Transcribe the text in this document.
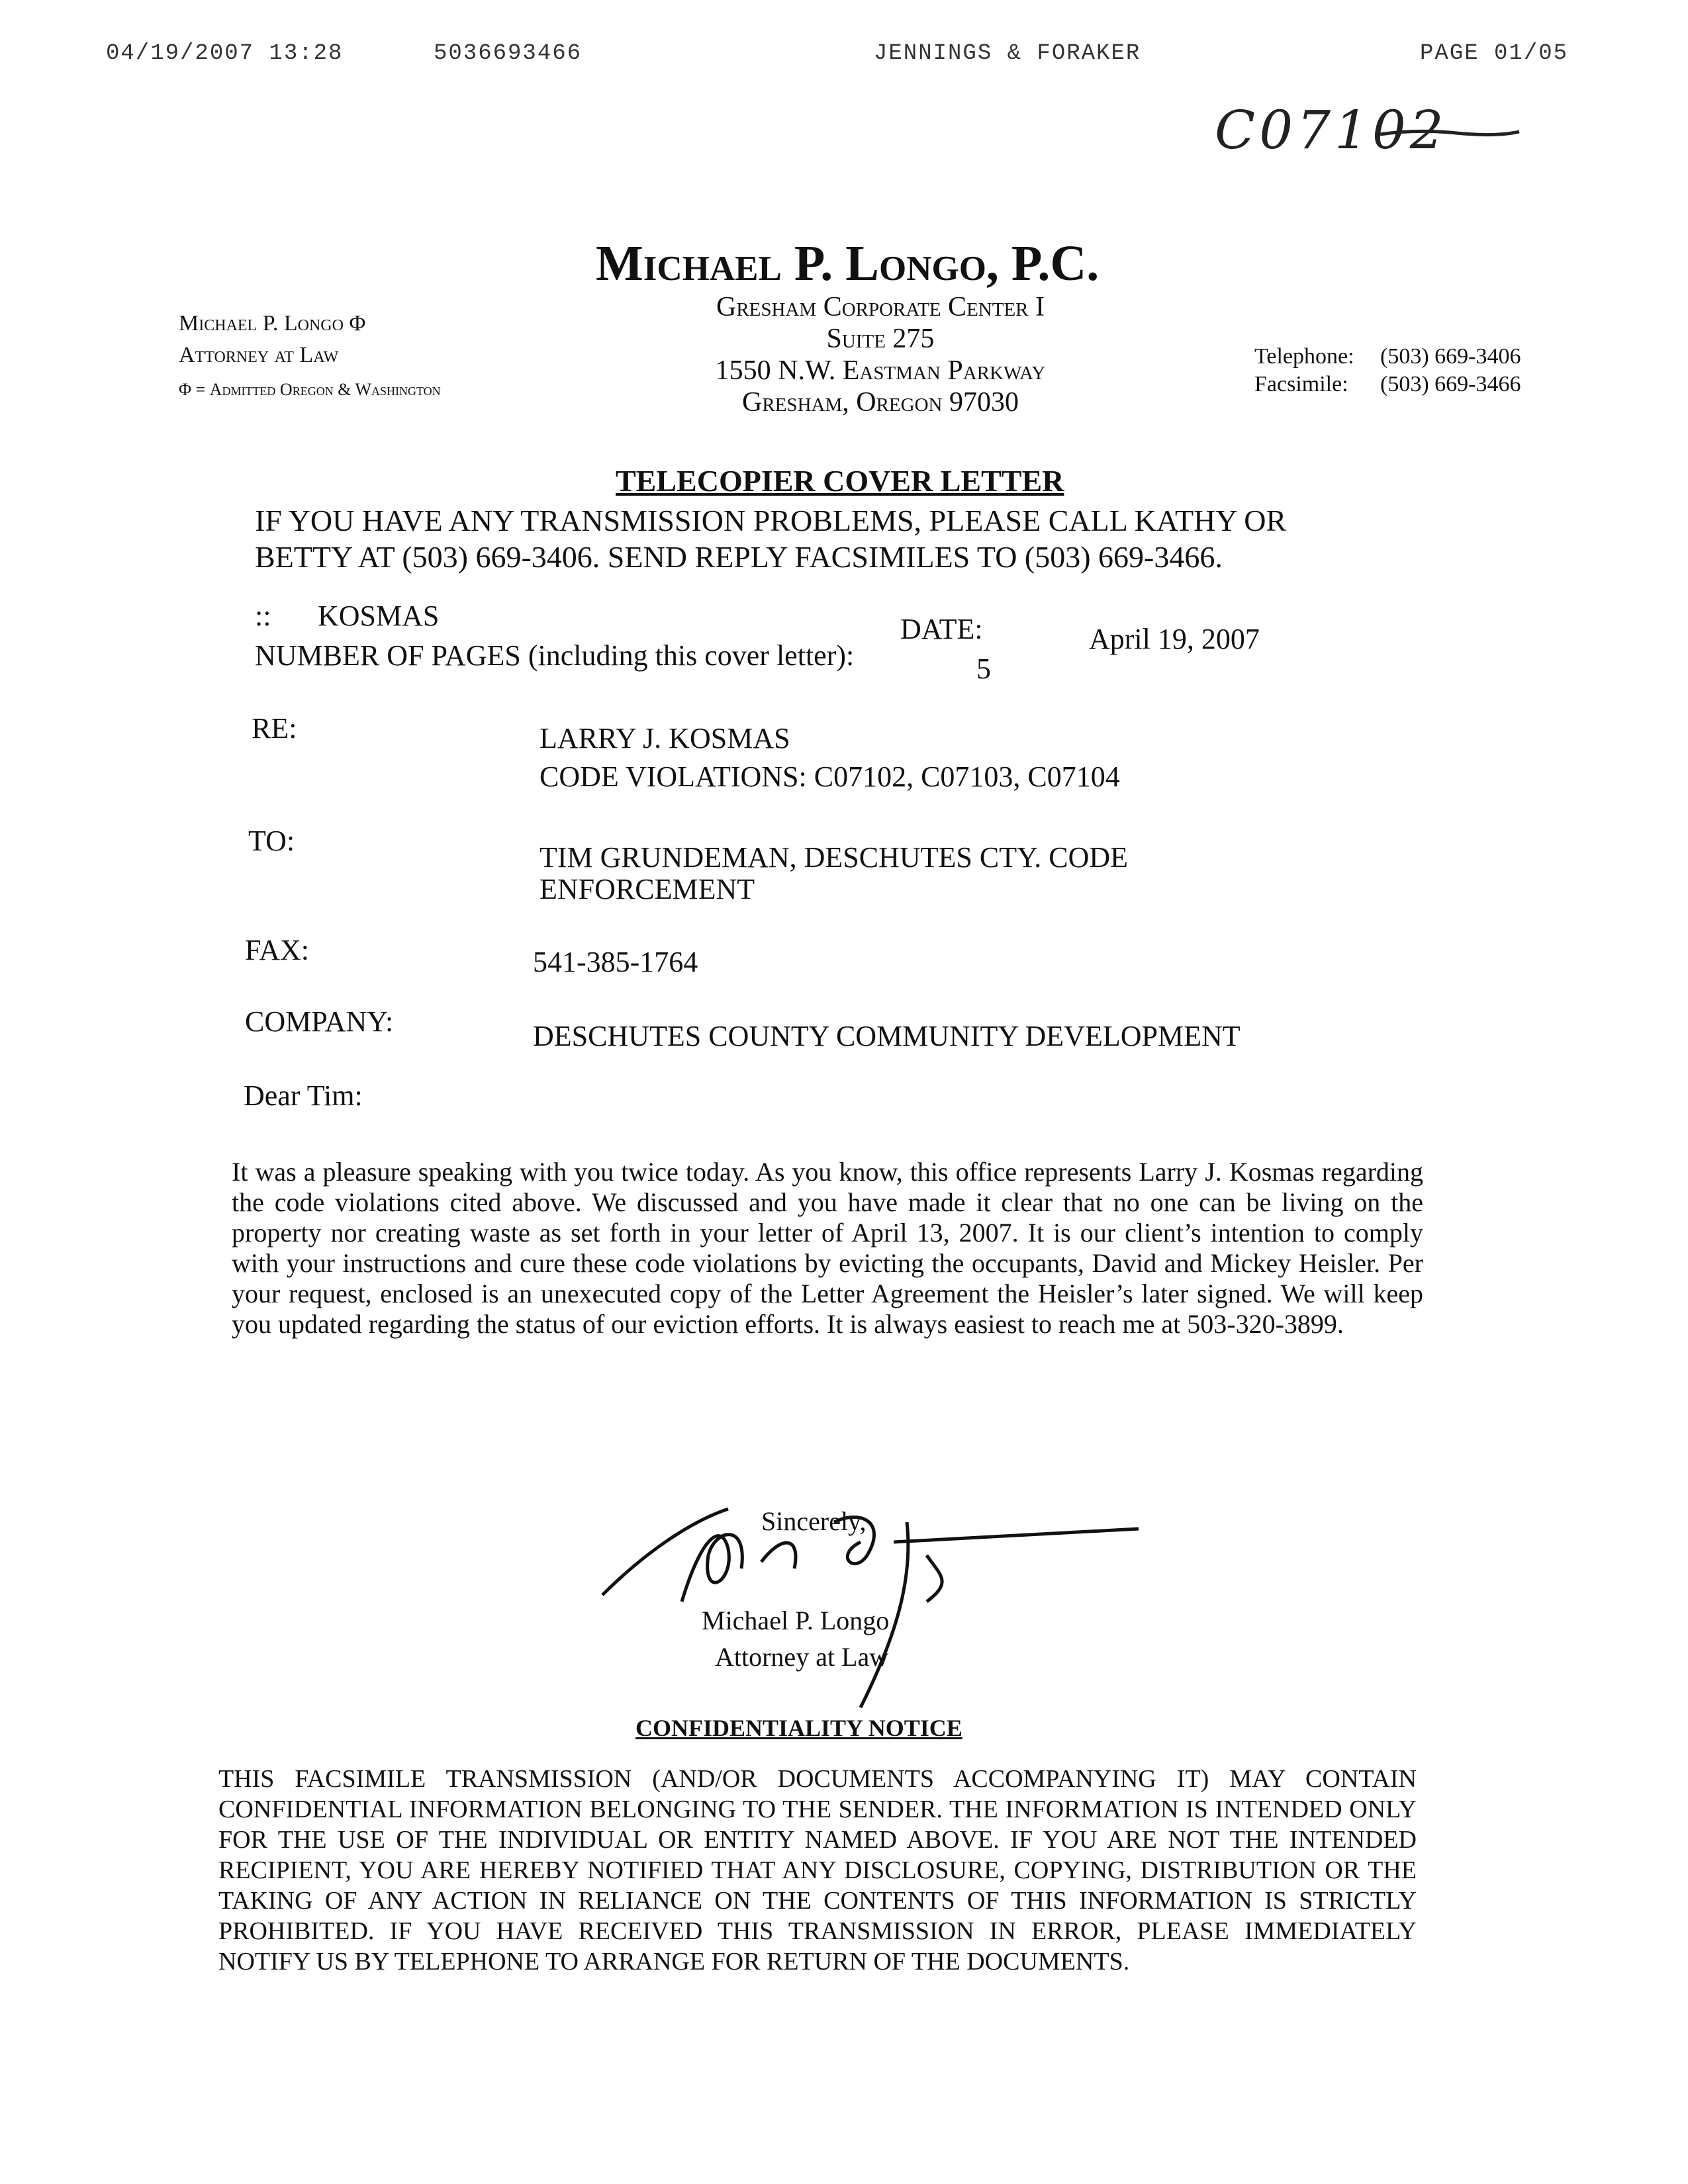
04/19/2007 13:28	5036693466	JENNINGS & FORAKER	PAGE 01/05
C07102
Michael P. Longo, P.C.
Gresham Corporate Center I
Suite 275
1550 N.W. Eastman Parkway
Gresham, Oregon 97030
Michael P. Longo Φ
Attorney at Law
Φ = Admitted Oregon & Washington
Telephone: (503) 669-3406
Facsimile: (503) 669-3466
TELECOPIER COVER LETTER
IF YOU HAVE ANY TRANSMISSION PROBLEMS, PLEASE CALL KATHY OR
BETTY AT (503) 669-3406. SEND REPLY FACSIMILES TO (503) 669-3466.
:: KOSMAS	DATE:	April 19, 2007
NUMBER OF PAGES (including this cover letter):	5
RE:	LARRY J. KOSMAS
CODE VIOLATIONS: C07102, C07103, C07104
TO:
TIM GRUNDEMAN, DESCHUTES CTY. CODE
ENFORCEMENT
FAX:	541-385-1764
COMPANY:	DESCHUTES COUNTY COMMUNITY DEVELOPMENT
Dear Tim:
It was a pleasure speaking with you twice today. As you know, this office represents Larry J. Kosmas regarding the code violations cited above. We discussed and you have made it clear that no one can be living on the property nor creating waste as set forth in your letter of April 13, 2007. It is our client’s intention to comply with your instructions and cure these code violations by evicting the occupants, David and Mickey Heisler. Per your request, enclosed is an unexecuted copy of the Letter Agreement the Heisler’s later signed. We will keep you updated regarding the status of our eviction efforts. It is always easiest to reach me at 503-320-3899.
Sincerely,
Michael P. Longo
Attorney at Law
CONFIDENTIALITY NOTICE
THIS FACSIMILE TRANSMISSION (AND/OR DOCUMENTS ACCOMPANYING IT) MAY CONTAIN CONFIDENTIAL INFORMATION BELONGING TO THE SENDER. THE INFORMATION IS INTENDED ONLY FOR THE USE OF THE INDIVIDUAL OR ENTITY NAMED ABOVE. IF YOU ARE NOT THE INTENDED RECIPIENT, YOU ARE HEREBY NOTIFIED THAT ANY DISCLOSURE, COPYING, DISTRIBUTION OR THE TAKING OF ANY ACTION IN RELIANCE ON THE CONTENTS OF THIS INFORMATION IS STRICTLY PROHIBITED. IF YOU HAVE RECEIVED THIS TRANSMISSION IN ERROR, PLEASE IMMEDIATELY NOTIFY US BY TELEPHONE TO ARRANGE FOR RETURN OF THE DOCUMENTS.
